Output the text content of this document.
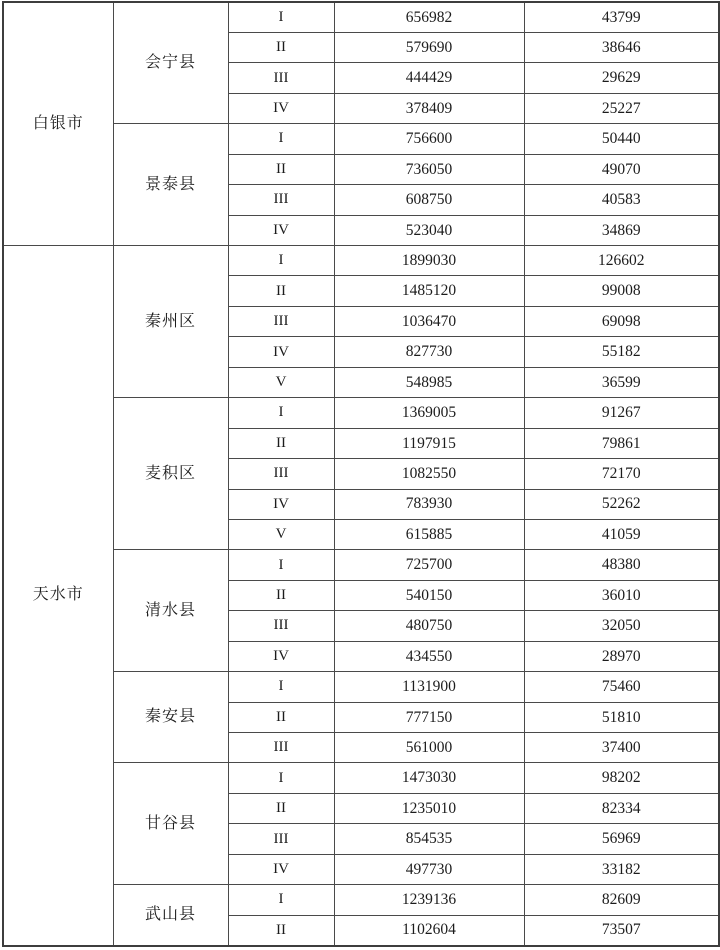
白银市	会宁县	I	656982	43799
		II	579690	38646
		III	444429	29629
		IV	378409	25227
	景泰县	I	756600	50440
		II	736050	49070
		III	608750	40583
		IV	523040	34869
天水市	秦州区	I	1899030	126602
		II	1485120	99008
		III	1036470	69098
		IV	827730	55182
		V	548985	36599
	麦积区	I	1369005	91267
		II	1197915	79861
		III	1082550	72170
		IV	783930	52262
		V	615885	41059
	清水县	I	725700	48380
		II	540150	36010
		III	480750	32050
		IV	434550	28970
	秦安县	I	1131900	75460
		II	777150	51810
		III	561000	37400
	甘谷县	I	1473030	98202
		II	1235010	82334
		III	854535	56969
		IV	497730	33182
	武山县	I	1239136	82609
		II	1102604	73507
